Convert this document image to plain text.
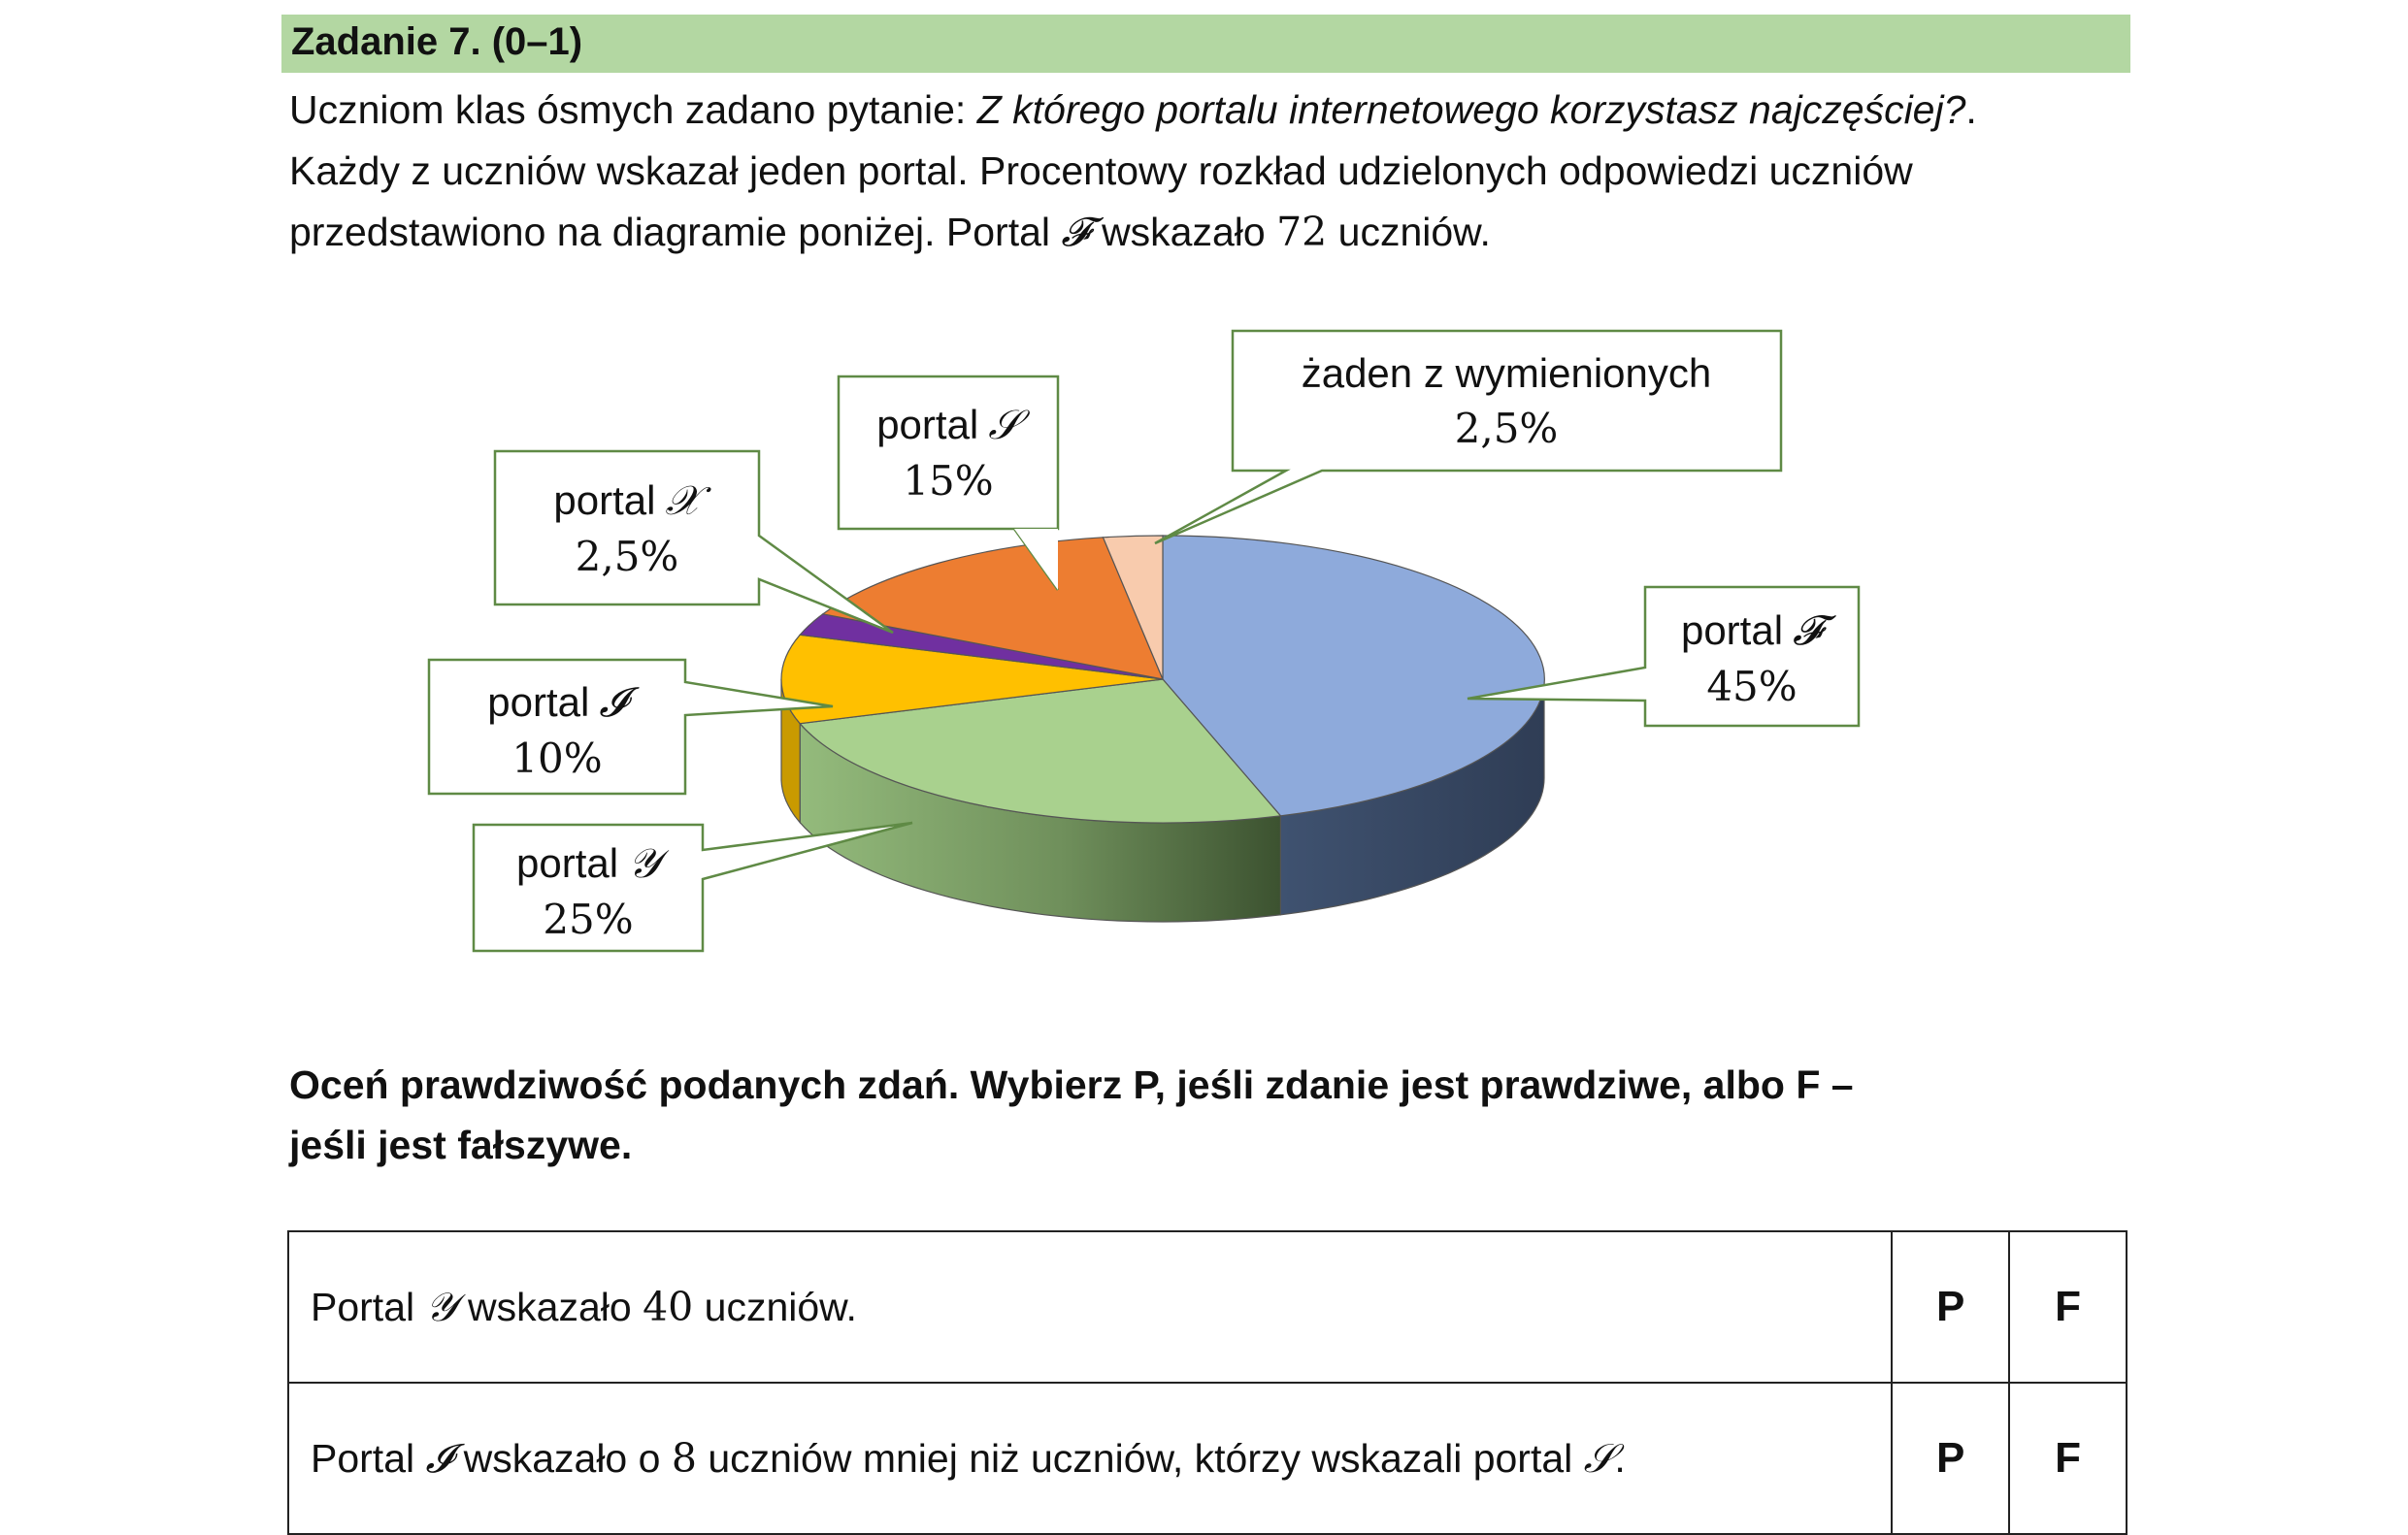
Zadanie 7. (0–1)
Uczniom klas ósmych zadano pytanie: Z którego portalu internetowego korzystasz najczęściej?.
Każdy z uczniów wskazał jeden portal. Procentowy rozkład udzielonych odpowiedzi uczniów
przedstawiono na diagramie poniżej. Portal 𝓕 wskazało 72 uczniów.
portal 𝓕
45%
portal 𝒴
25%
portal 𝓘
10%
portal 𝒳
2,5%
portal 𝒮
15%
żaden z wymienionych
2,5%
Oceń prawdziwość podanych zdań. Wybierz P, jeśli zdanie jest prawdziwe, albo F –
jeśli jest fałszywe.
Portal 𝒴 wskazało 40 uczniów.	P	F
Portal 𝓘 wskazało o 8 uczniów mniej niż uczniów, którzy wskazali portal 𝒮.	P	F
